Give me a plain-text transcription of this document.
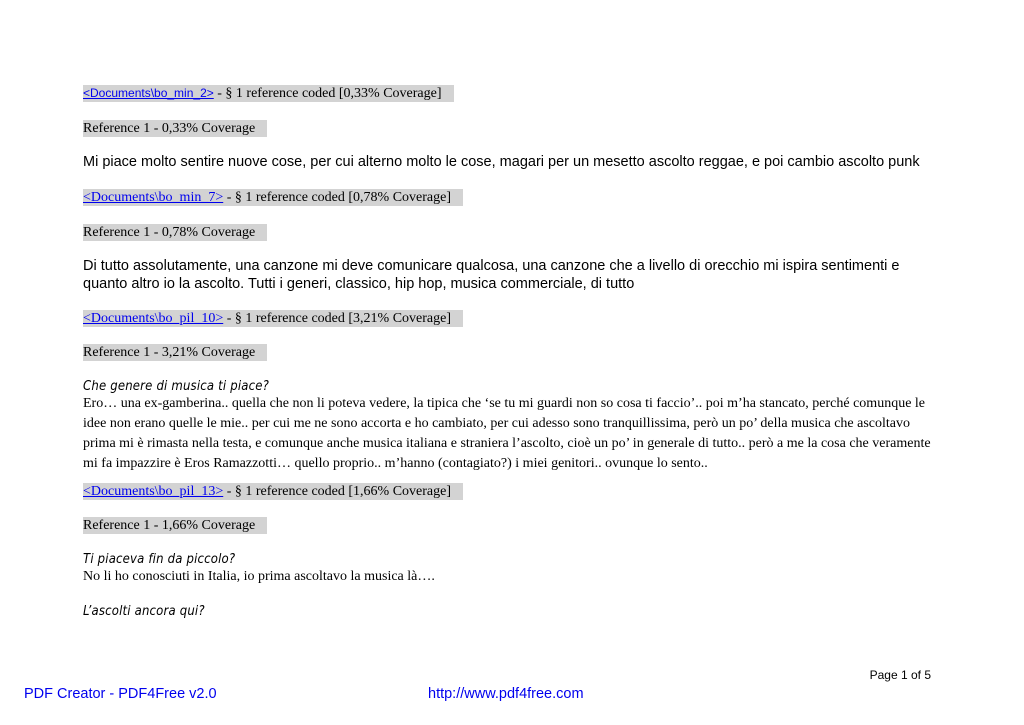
<Documents\bo_min_2> - § 1 reference coded [0,33% Coverage]
Reference 1 - 0,33% Coverage
Mi piace molto sentire nuove cose, per cui alterno molto le cose, magari per un mesetto ascolto reggae, e poi cambio ascolto punk
<Documents\bo_min_7> - § 1 reference coded [0,78% Coverage]
Reference 1 - 0,78% Coverage
Di tutto assolutamente, una canzone mi deve comunicare qualcosa, una canzone che a livello di orecchio mi ispira sentimenti e quanto altro io la ascolto. Tutti i generi, classico, hip hop, musica commerciale, di tutto
<Documents\bo_pil_10> - § 1 reference coded [3,21% Coverage]
Reference 1 - 3,21% Coverage
Che genere di musica ti piace?
Ero… una ex-gamberina.. quella che non li poteva vedere, la tipica che ‘se tu mi guardi non so cosa ti faccio’.. poi m’ha stancato, perché comunque le idee non erano quelle le mie.. per cui me ne sono accorta e ho cambiato, per cui adesso sono tranquillissima, però un po’ della musica che ascoltavo prima mi è rimasta nella testa, e comunque anche musica italiana e straniera l’ascolto, cioè un po’ in generale di tutto.. però a me la cosa che veramente mi fa impazzire è Eros Ramazzotti… quello proprio.. m’hanno (contagiato?) i miei genitori.. ovunque lo sento..
<Documents\bo_pil_13> - § 1 reference coded [1,66% Coverage]
Reference 1 - 1,66% Coverage
Ti piaceva fin da piccolo?
No li ho conosciuti in Italia, io prima ascoltavo la musica là….
L’ascolti ancora qui?
Page 1 of 5
PDF Creator - PDF4Free v2.0	http://www.pdf4free.com
